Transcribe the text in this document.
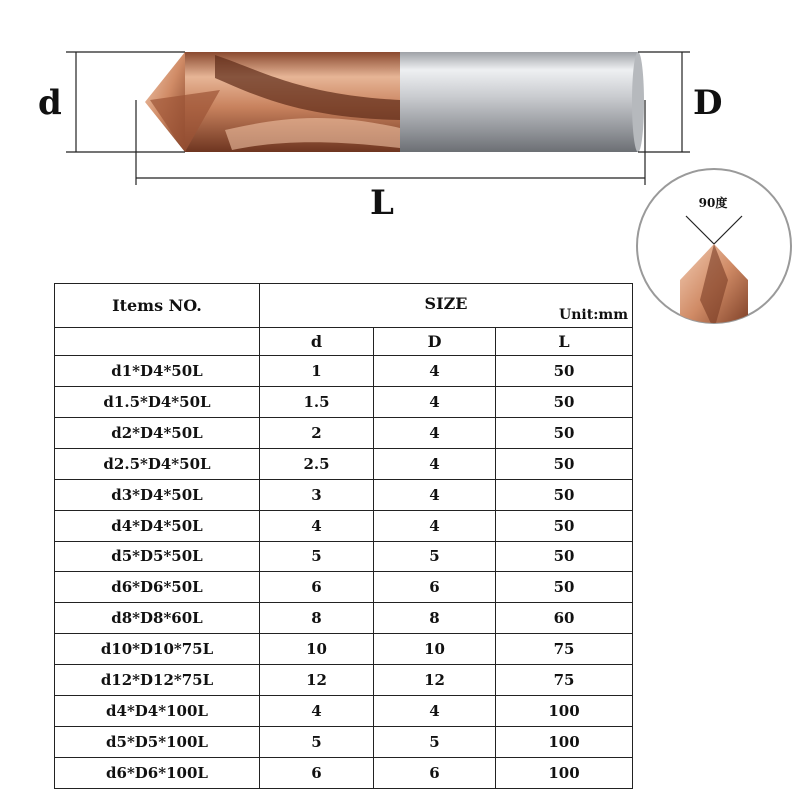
d	D
L	90度
Items NO.	SIZE
Unit:mm		

	d	D	L
d1*D4*50L	1	4	50
d1.5*D4*50L	1.5	4	50
d2*D4*50L	2	4	50
d2.5*D4*50L	2.5	4	50
d3*D4*50L	3	4	50
d4*D4*50L	4	4	50
d5*D5*50L	5	5	50
d6*D6*50L	6	6	50
d8*D8*60L	8	8	60
d10*D10*75L	10	10	75
d12*D12*75L	12	12	75
d4*D4*100L	4	4	100
d5*D5*100L	5	5	100
d6*D6*100L	6	6	100
